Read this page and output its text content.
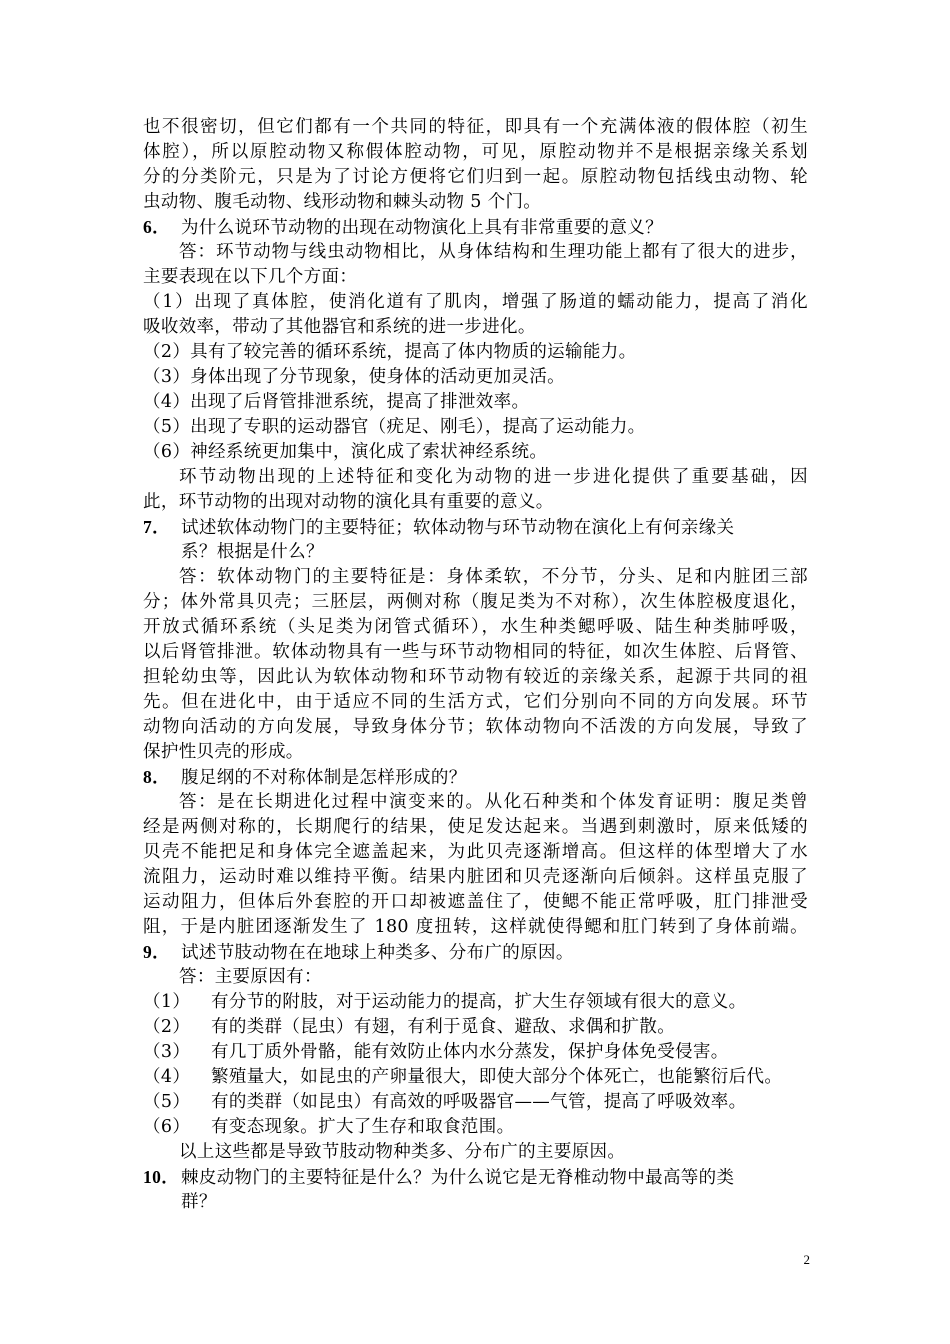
也不很密切，但它们都有一个共同的特征，即具有一个充满体液的假体腔（初生
体腔），所以原腔动物又称假体腔动物，可见，原腔动物并不是根据亲缘关系划
分的分类阶元，只是为了讨论方便将它们归到一起。原腔动物包括线虫动物、轮
虫动物、腹毛动物、线形动物和棘头动物 5 个门。
6． 为什么说环节动物的出现在动物演化上具有非常重要的意义？
答：环节动物与线虫动物相比，从身体结构和生理功能上都有了很大的进步，
主要表现在以下几个方面：
（1）出现了真体腔，使消化道有了肌肉，增强了肠道的蠕动能力，提高了消化
吸收效率，带动了其他器官和系统的进一步进化。
（2）具有了较完善的循环系统，提高了体内物质的运输能力。
（3）身体出现了分节现象，使身体的活动更加灵活。
（4）出现了后肾管排泄系统，提高了排泄效率。
（5）出现了专职的运动器官（疣足、刚毛），提高了运动能力。
（6）神经系统更加集中，演化成了索状神经系统。
环节动物出现的上述特征和变化为动物的进一步进化提供了重要基础，因
此，环节动物的出现对动物的演化具有重要的意义。
7． 试述软体动物门的主要特征；软体动物与环节动物在演化上有何亲缘关
系？根据是什么？
答：软体动物门的主要特征是：身体柔软，不分节，分头、足和内脏团三部
分；体外常具贝壳；三胚层，两侧对称（腹足类为不对称），次生体腔极度退化，
开放式循环系统（头足类为闭管式循环），水生种类鳃呼吸、陆生种类肺呼吸，
以后肾管排泄。软体动物具有一些与环节动物相同的特征，如次生体腔、后肾管、
担轮幼虫等，因此认为软体动物和环节动物有较近的亲缘关系，起源于共同的祖
先。但在进化中，由于适应不同的生活方式，它们分别向不同的方向发展。环节
动物向活动的方向发展，导致身体分节；软体动物向不活泼的方向发展，导致了
保护性贝壳的形成。
8． 腹足纲的不对称体制是怎样形成的？
答：是在长期进化过程中演变来的。从化石种类和个体发育证明：腹足类曾
经是两侧对称的，长期爬行的结果，使足发达起来。当遇到刺激时，原来低矮的
贝壳不能把足和身体完全遮盖起来，为此贝壳逐渐增高。但这样的体型增大了水
流阻力，运动时难以维持平衡。结果内脏团和贝壳逐渐向后倾斜。这样虽克服了
运动阻力，但体后外套腔的开口却被遮盖住了，使鳃不能正常呼吸，肛门排泄受
阻，于是内脏团逐渐发生了 180 度扭转，这样就使得鳃和肛门转到了身体前端。
9． 试述节肢动物在在地球上种类多、分布广的原因。
答：主要原因有：
（1）	有分节的附肢，对于运动能力的提高，扩大生存领域有很大的意义。
（2）	有的类群（昆虫）有翅，有利于觅食、避敌、求偶和扩散。
（3）	有几丁质外骨骼，能有效防止体内水分蒸发，保护身体免受侵害。
（4）	繁殖量大，如昆虫的产卵量很大，即使大部分个体死亡，也能繁衍后代。
（5）	有的类群（如昆虫）有高效的呼吸器官——气管，提高了呼吸效率。
（6）	有变态现象。扩大了生存和取食范围。
以上这些都是导致节肢动物种类多、分布广的主要原因。
10． 棘皮动物门的主要特征是什么？为什么说它是无脊椎动物中最高等的类
群？
2
